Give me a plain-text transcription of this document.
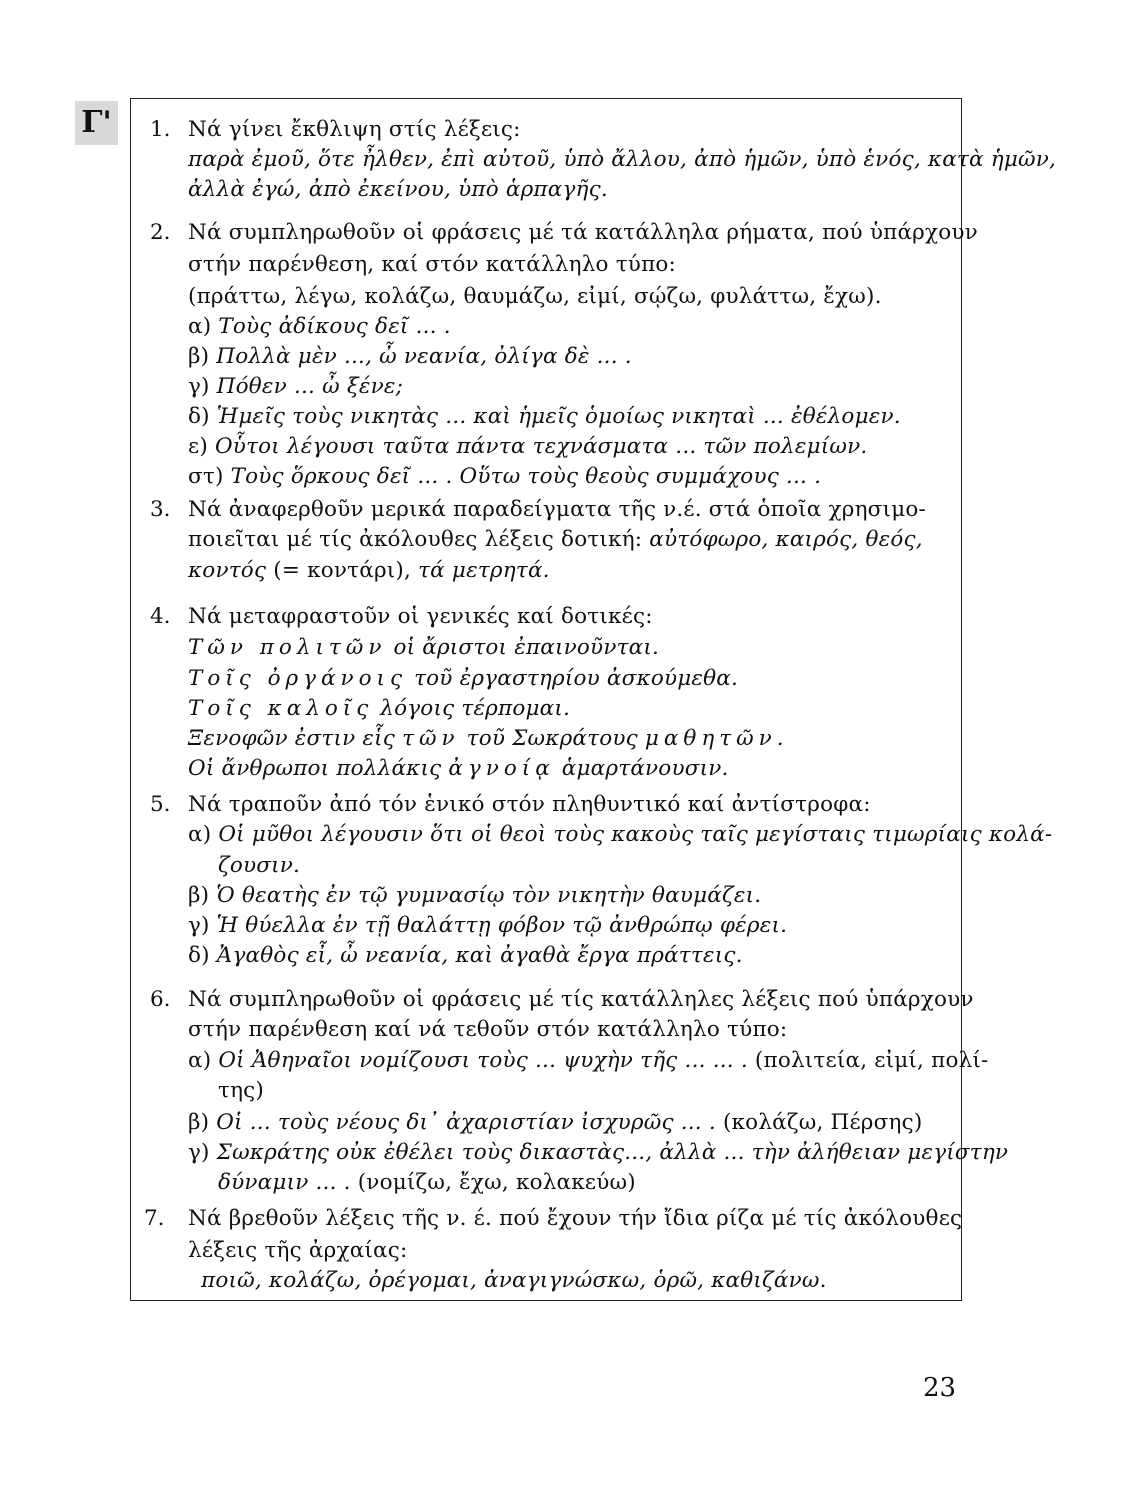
Γ' 1. Νά γίνει ἔκθλιψη στίς λέξεις:
παρὰ ἐμοῦ, ὅτε ἦλθεν, ἐπὶ αὐτοῦ, ὑπὸ ἄλλου, ἀπὸ ἡμῶν, ὑπὸ ἑνός, κατὰ ἡμῶν,
ἀλλὰ ἐγώ, ἀπὸ ἐκείνου, ὑπὸ ἁρπαγῆς.
2. Νά συμπληρωθοῦν οἱ φράσεις μέ τά κατάλληλα ρήματα, πού ὑπάρχουν
στήν παρένθεση, καί στόν κατάλληλο τύπο:
(πράττω, λέγω, κολάζω, θαυμάζω, εἰμί, σῴζω, φυλάττω, ἔχω).
α) Τοὺς ἀδίκους δεῖ ... .
β) Πολλὰ μὲν ..., ὦ νεανία, ὀλίγα δὲ ... .
γ) Πόθεν ... ὦ ξένε;
δ) Ἡμεῖς τοὺς νικητὰς ... καὶ ἡμεῖς ὁμοίως νικηταὶ ... ἐθέλομεν.
ε) Οὗτοι λέγουσι ταῦτα πάντα τεχνάσματα ... τῶν πολεμίων.
στ) Τοὺς ὅρκους δεῖ ... . Οὕτω τοὺς θεοὺς συμμάχους ... .
3. Νά ἀναφερθοῦν μερικά παραδείγματα τῆς ν.έ. στά ὁποῖα χρησιμο-
ποιεῖται μέ τίς ἀκόλουθες λέξεις δοτική: αὐτόφωρο, καιρός, θεός,
κοντός (= κοντάρι), τά μετρητά.
4. Νά μεταφραστοῦν οἱ γενικές καί δοτικές:
Τῶν πολιτῶν οἱ ἄριστοι ἐπαινοῦνται.
Τοῖς ὀργάνοις τοῦ ἐργαστηρίου ἀσκούμεθα.
Τοῖς καλοῖς λόγοις τέρπομαι.
Ξενοφῶν ἐστιν εἷς τῶν τοῦ Σωκράτους μαθητῶν.
Οἱ ἄνθρωποι πολλάκις ἀγνοίᾳ ἁμαρτάνουσιν.
5. Νά τραποῦν ἀπό τόν ἑνικό στόν πληθυντικό καί ἀντίστροφα:
α) Οἱ μῦθοι λέγουσιν ὅτι οἱ θεοὶ τοὺς κακοὺς ταῖς μεγίσταις τιμωρίαις κολά-
ζουσιν.
β) Ὁ θεατὴς ἐν τῷ γυμνασίῳ τὸν νικητὴν θαυμάζει.
γ) Ἡ θύελλα ἐν τῇ θαλάττῃ φόβον τῷ ἀνθρώπῳ φέρει.
δ) Ἀγαθὸς εἶ, ὦ νεανία, καὶ ἀγαθὰ ἔργα πράττεις.
6. Νά συμπληρωθοῦν οἱ φράσεις μέ τίς κατάλληλες λέξεις πού ὑπάρχουν
στήν παρένθεση καί νά τεθοῦν στόν κατάλληλο τύπο:
α) Οἱ Ἀθηναῖοι νομίζουσι τοὺς ... ψυχὴν τῆς ... ... . (πολιτεία, εἰμί, πολί-
της)
β) Οἱ ... τοὺς νέους δι᾽ ἀχαριστίαν ἰσχυρῶς ... . (κολάζω, Πέρσης)
γ) Σωκράτης οὐκ ἐθέλει τοὺς δικαστὰς..., ἀλλὰ ... τὴν ἀλήθειαν μεγίστην
δύναμιν ... . (νομίζω, ἔχω, κολακεύω)
7. Νά βρεθοῦν λέξεις τῆς ν. έ. πού ἔχουν τήν ἴδια ρίζα μέ τίς ἀκόλουθες
λέξεις τῆς ἀρχαίας:
ποιῶ, κολάζω, ὀρέγομαι, ἀναγιγνώσκω, ὁρῶ, καθιζάνω.
23
